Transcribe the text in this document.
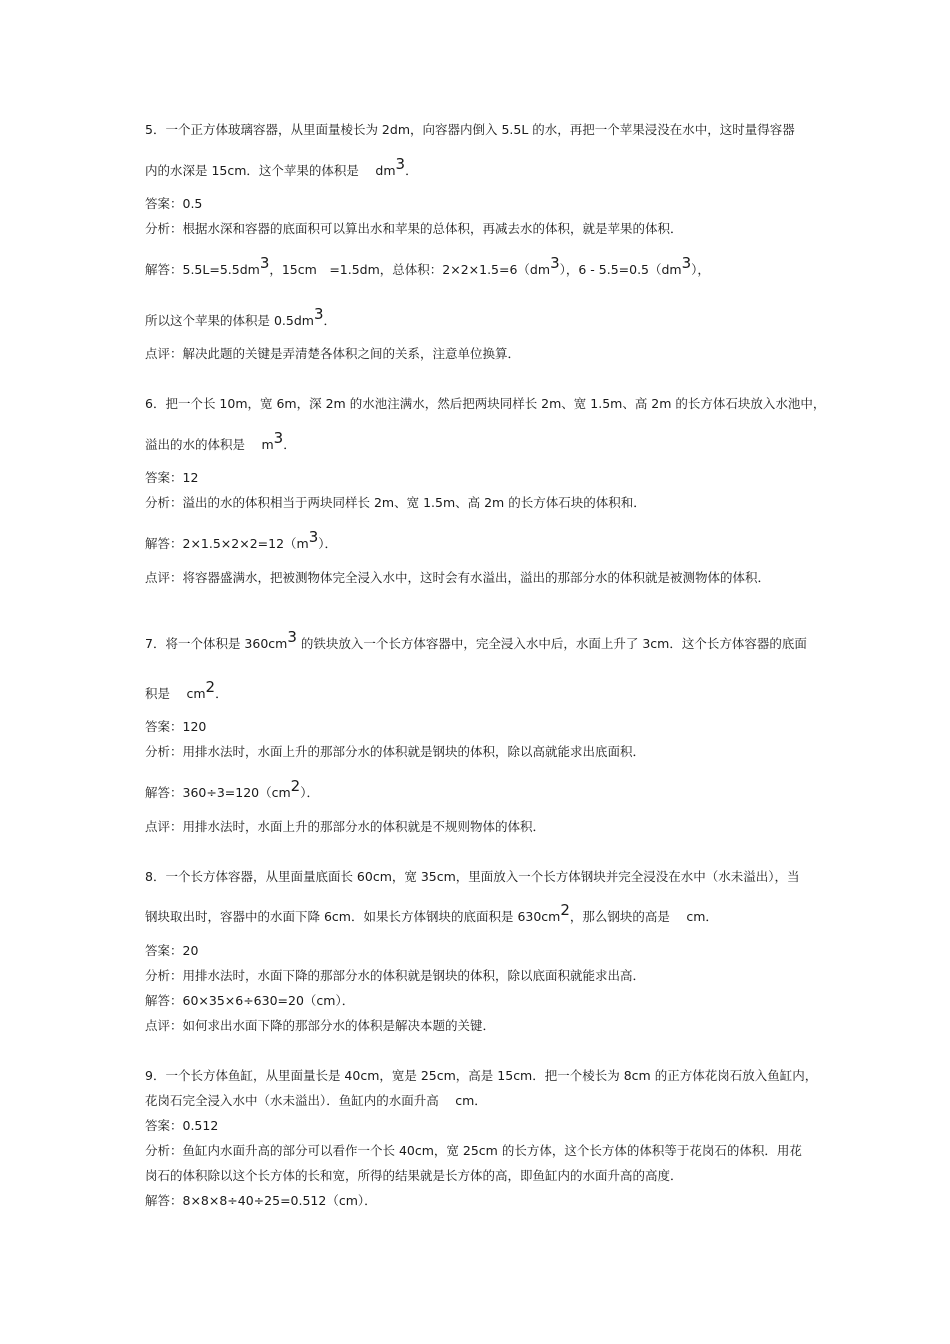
5．一个正方体玻璃容器，从里面量棱长为 2dm，向容器内倒入 5.5L 的水，再把一个苹果浸没在水中，这时量得容器
内的水深是 15cm．这个苹果的体积是　 $dm^3$．
答案：0.5
分析：根据水深和容器的底面积可以算出水和苹果的总体积，再减去水的体积，就是苹果的体积．
解答：$5.5L=5.5dm^3$，15cm　=1.5dm，总体积：$2\times 2\times 1.5=6(dm^3)$，$6 - 5.5=0.5(dm^3)$，
所以这个苹果的体积是 $0.5dm^3$．
点评：解决此题的关键是弄清楚各体积之间的关系，注意单位换算．
6．把一个长 10m，宽 6m，深 2m 的水池注满水，然后把两块同样长 2m、宽 1.5m、高 2m 的长方体石块放入水池中，
溢出的水的体积是　 $m^3$．
答案：12
分析：溢出的水的体积相当于两块同样长 2m、宽 1.5m、高 2m 的长方体石块的体积和．
解答：$2\times 1.5\times 2\times 2=12(m^3)$．
点评：将容器盛满水，把被测物体完全浸入水中，这时会有水溢出，溢出的那部分水的体积就是被测物体的体积．
7．将一个体积是 $360cm^3$ 的铁块放入一个长方体容器中，完全浸入水中后，水面上升了 3cm．这个长方体容器的底面
积是　 $cm^2$．
答案：120
分析：用排水法时，水面上升的那部分水的体积就是钢块的体积，除以高就能求出底面积．
解答：$360\div 3=120(cm^2)$．
点评：用排水法时，水面上升的那部分水的体积就是不规则物体的体积．
8．一个长方体容器，从里面量底面长 60cm，宽 35cm，里面放入一个长方体钢块并完全浸没在水中（水未溢出），当
钢块取出时，容器中的水面下降 6cm．如果长方体钢块的底面积是 $630cm^2$，那么钢块的高是　 cm．
答案：20
分析：用排水法时，水面下降的那部分水的体积就是钢块的体积，除以底面积就能求出高．
解答：60×35×6÷630=20（cm）．
点评：如何求出水面下降的那部分水的体积是解决本题的关键．
9．一个长方体鱼缸，从里面量长是 40cm，宽是 25cm，高是 15cm．把一个棱长为 8cm 的正方体花岗石放入鱼缸内，
花岗石完全浸入水中（水未溢出）．鱼缸内的水面升高　 cm．
答案：0.512
分析：鱼缸内水面升高的部分可以看作一个长 40cm，宽 25cm 的长方体，这个长方体的体积等于花岗石的体积．用花
岗石的体积除以这个长方体的长和宽，所得的结果就是长方体的高，即鱼缸内的水面升高的高度．
解答：8×8×8÷40÷25=0.512（cm）．
